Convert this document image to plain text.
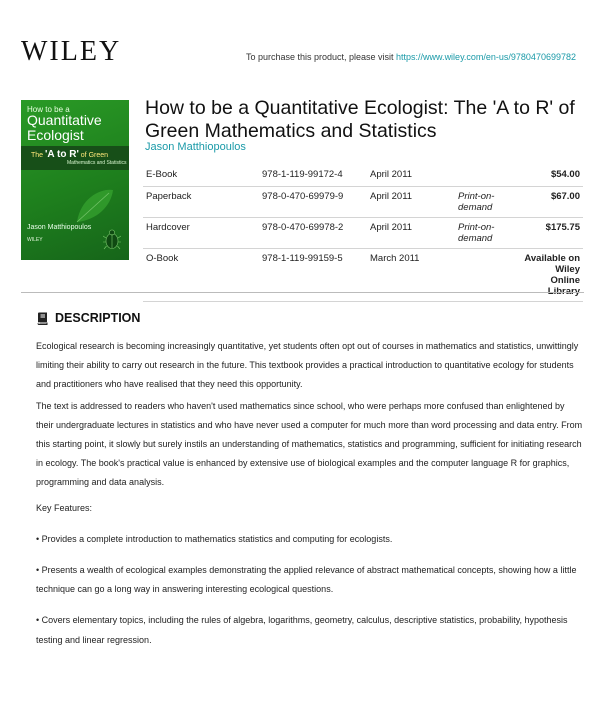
WILEY	To purchase this product, please visit https://www.wiley.com/en-us/9780470699782
How to be a
Quantitative Ecologist
The 'A to R' of Green
Mathematics and Statistics
Jason Matthiopoulos
WILEY
How to be a Quantitative Ecologist: The 'A to R' of Green Mathematics and Statistics
Jason Matthiopoulos
E-Book	978-1-119-99172-4	April 2011		$54.00
Paperback	978-0-470-69979-9	April 2011	Print-on-demand	$67.00
Hardcover	978-0-470-69978-2	April 2011	Print-on-demand	$175.75
O-Book	978-1-119-99159-5	March 2011		Available on Wiley Online Library
DESCRIPTION

Ecological research is becoming increasingly quantitative, yet students often opt out of courses in mathematics and statistics, unwittingly limiting their ability to carry out research in the future. This textbook provides a practical introduction to quantitative ecology for students and practitioners who have realised that they need this opportunity.

The text is addressed to readers who haven't used mathematics since school, who were perhaps more confused than enlightened by their undergraduate lectures in statistics and who have never used a computer for much more than word processing and data entry. From this starting point, it slowly but surely instils an understanding of mathematics, statistics and programming, sufficient for initiating research in ecology. The book's practical value is enhanced by extensive use of biological examples and the computer language R for graphics, programming and data analysis.

Key Features:

• Provides a complete introduction to mathematics statistics and computing for ecologists.

• Presents a wealth of ecological examples demonstrating the applied relevance of abstract mathematical concepts, showing how a little technique can go a long way in answering interesting ecological questions.

• Covers elementary topics, including the rules of algebra, logarithms, geometry, calculus, descriptive statistics, probability, hypothesis testing and linear regression.
